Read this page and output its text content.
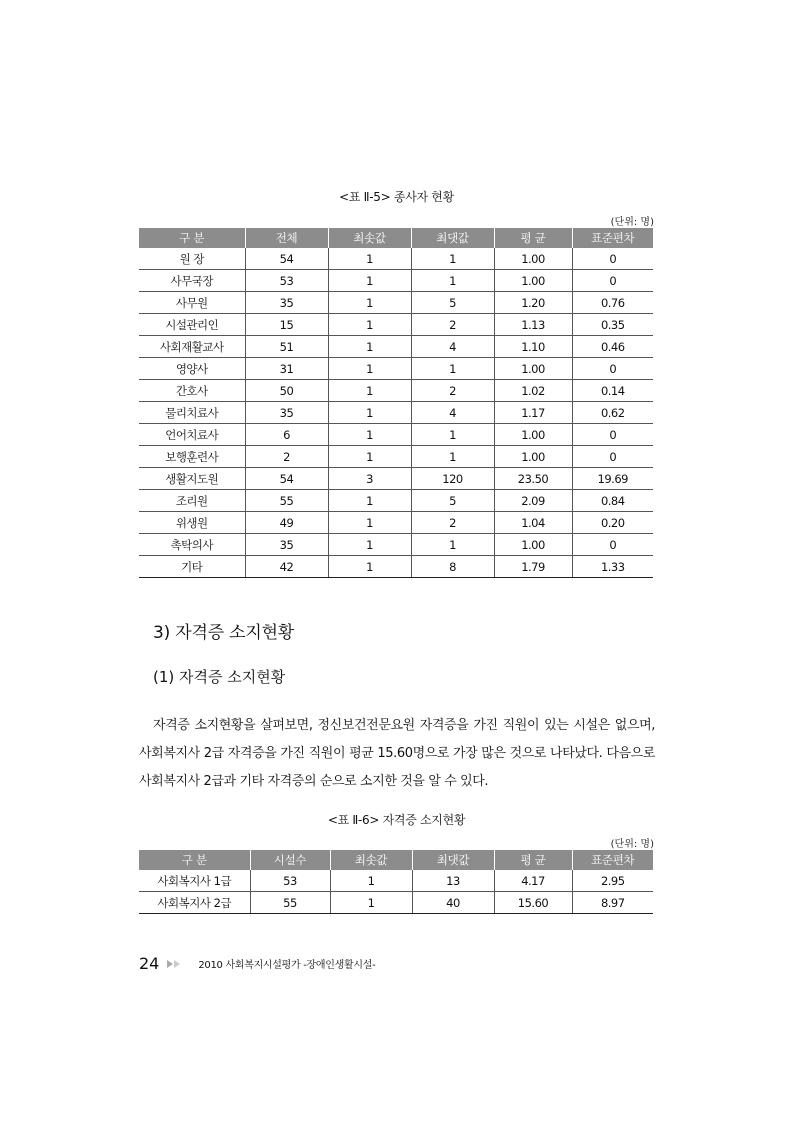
<표 Ⅱ-5> 종사자 현황
(단위: 명)
구 분	전체	최솟값	최댓값	평 균	표준편차
원 장	54	1	1	1.00	0
사무국장	53	1	1	1.00	0
사무원	35	1	5	1.20	0.76
시설관리인	15	1	2	1.13	0.35
사회재활교사	51	1	4	1.10	0.46
영양사	31	1	1	1.00	0
간호사	50	1	2	1.02	0.14
물리치료사	35	1	4	1.17	0.62
언어치료사	6	1	1	1.00	0
보행훈련사	2	1	1	1.00	0
생활지도원	54	3	120	23.50	19.69
조리원	55	1	5	2.09	0.84
위생원	49	1	2	1.04	0.20
촉탁의사	35	1	1	1.00	0
기타	42	1	8	1.79	1.33
3) 자격증 소지현황
(1) 자격증 소지현황
자격증 소지현황을 살펴보면, 정신보건전문요원 자격증을 가진 직원이 있는 시설은 없으며, 사회복지사 2급 자격증을 가진 직원이 평균 15.60명으로 가장 많은 것으로 나타났다. 다음으로 사회복지사 2급과 기타 자격증의 순으로 소지한 것을 알 수 있다.
<표 Ⅱ-6> 자격증 소지현황
(단위: 명)
구 분	시설수	최솟값	최댓값	평 균	표준편차
사회복지사 1급	53	1	13	4.17	2.95
사회복지사 2급	55	1	40	15.60	8.97
24	2010 사회복지시설평가 -장애인생활시설-
